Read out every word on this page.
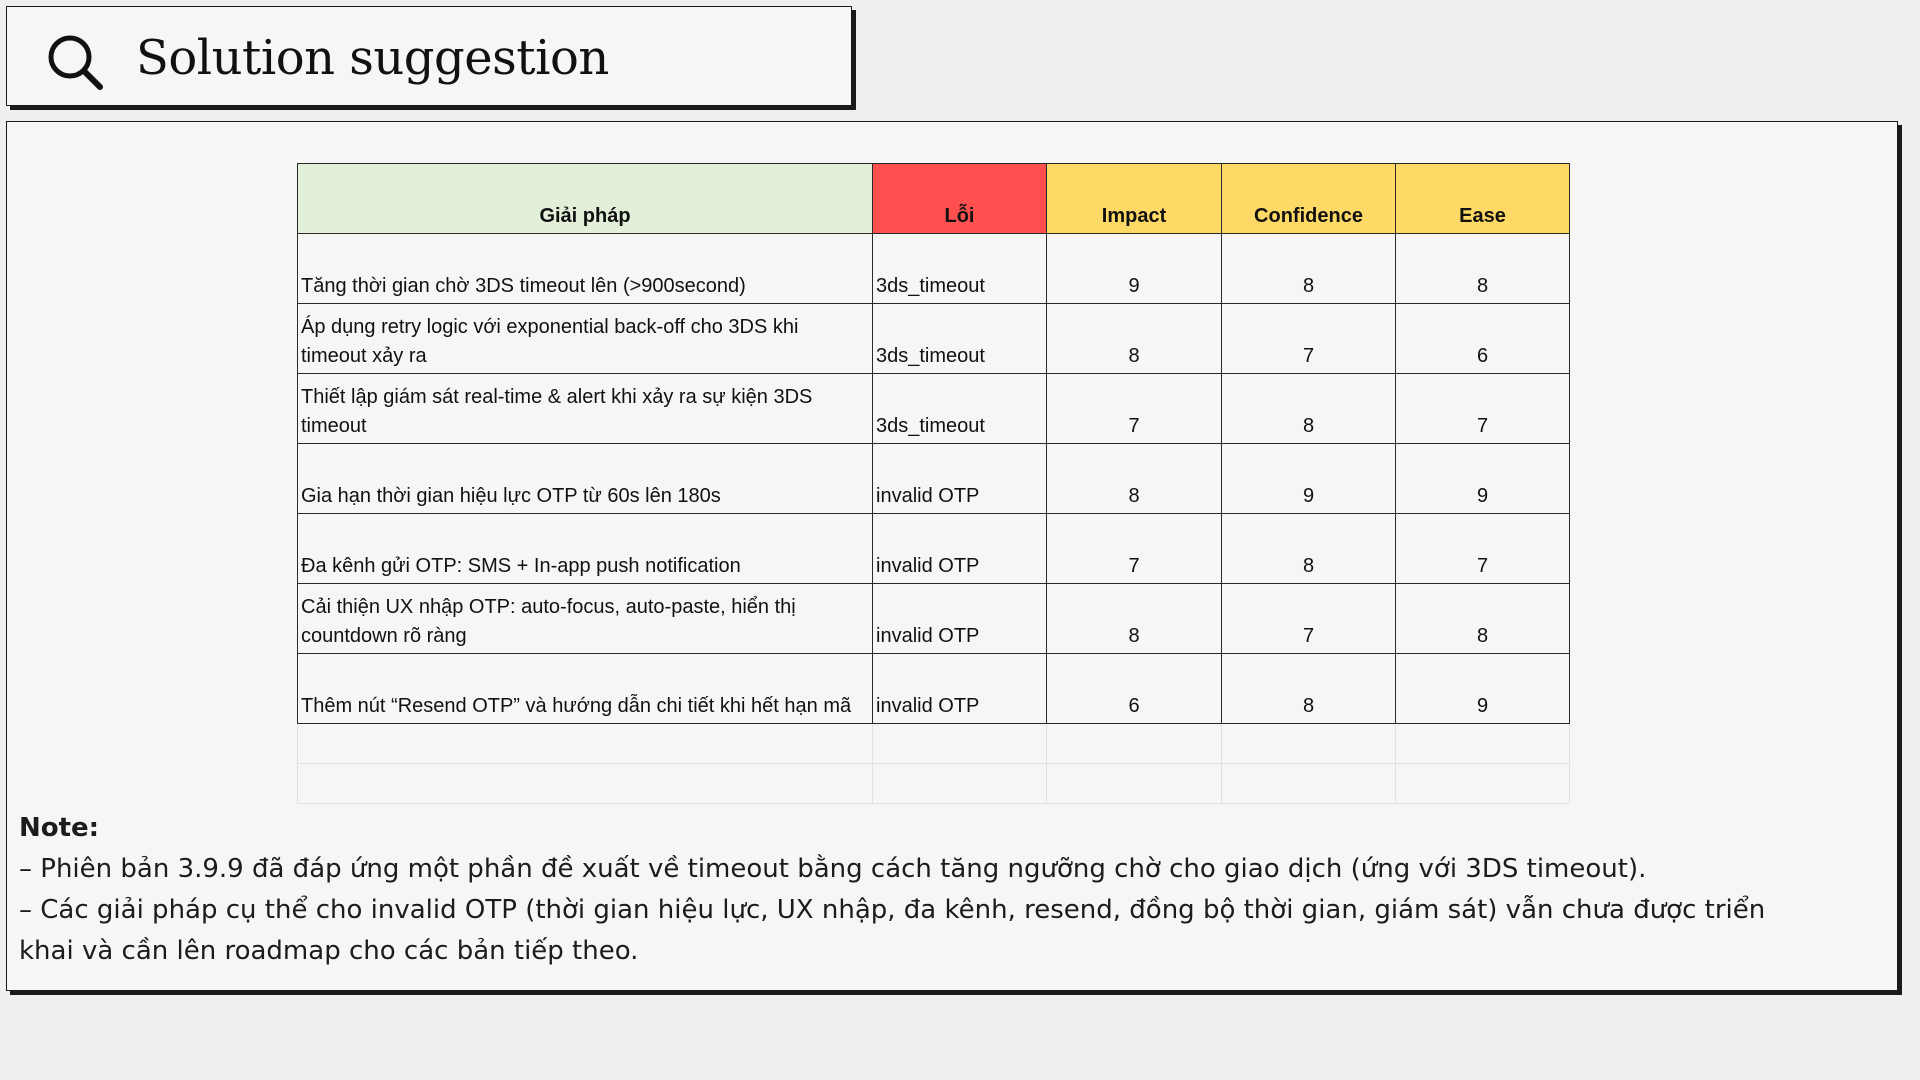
Solution suggestion
Giải pháp	Lỗi	Impact	Confidence	Ease
Tăng thời gian chờ 3DS timeout lên (>900second)	3ds_timeout	9	8	8
Áp dụng retry logic với exponential back-off cho 3DS khi timeout xảy ra	3ds_timeout	8	7	6
Thiết lập giám sát real-time & alert khi xảy ra sự kiện 3DS timeout	3ds_timeout	7	8	7
Gia hạn thời gian hiệu lực OTP từ 60s lên 180s	invalid OTP	8	9	9
Đa kênh gửi OTP: SMS + In-app push notification	invalid OTP	7	8	7
Cải thiện UX nhập OTP: auto-focus, auto-paste, hiển thị countdown rõ ràng	invalid OTP	8	7	8
Thêm nút “Resend OTP” và hướng dẫn chi tiết khi hết hạn mã	invalid OTP	6	8	9

Note:
– Phiên bản 3.9.9 đã đáp ứng một phần đề xuất về timeout bằng cách tăng ngưỡng chờ cho giao dịch (ứng với 3DS timeout).
– Các giải pháp cụ thể cho invalid OTP (thời gian hiệu lực, UX nhập, đa kênh, resend, đồng bộ thời gian, giám sát) vẫn chưa được triển khai và cần lên roadmap cho các bản tiếp theo.
